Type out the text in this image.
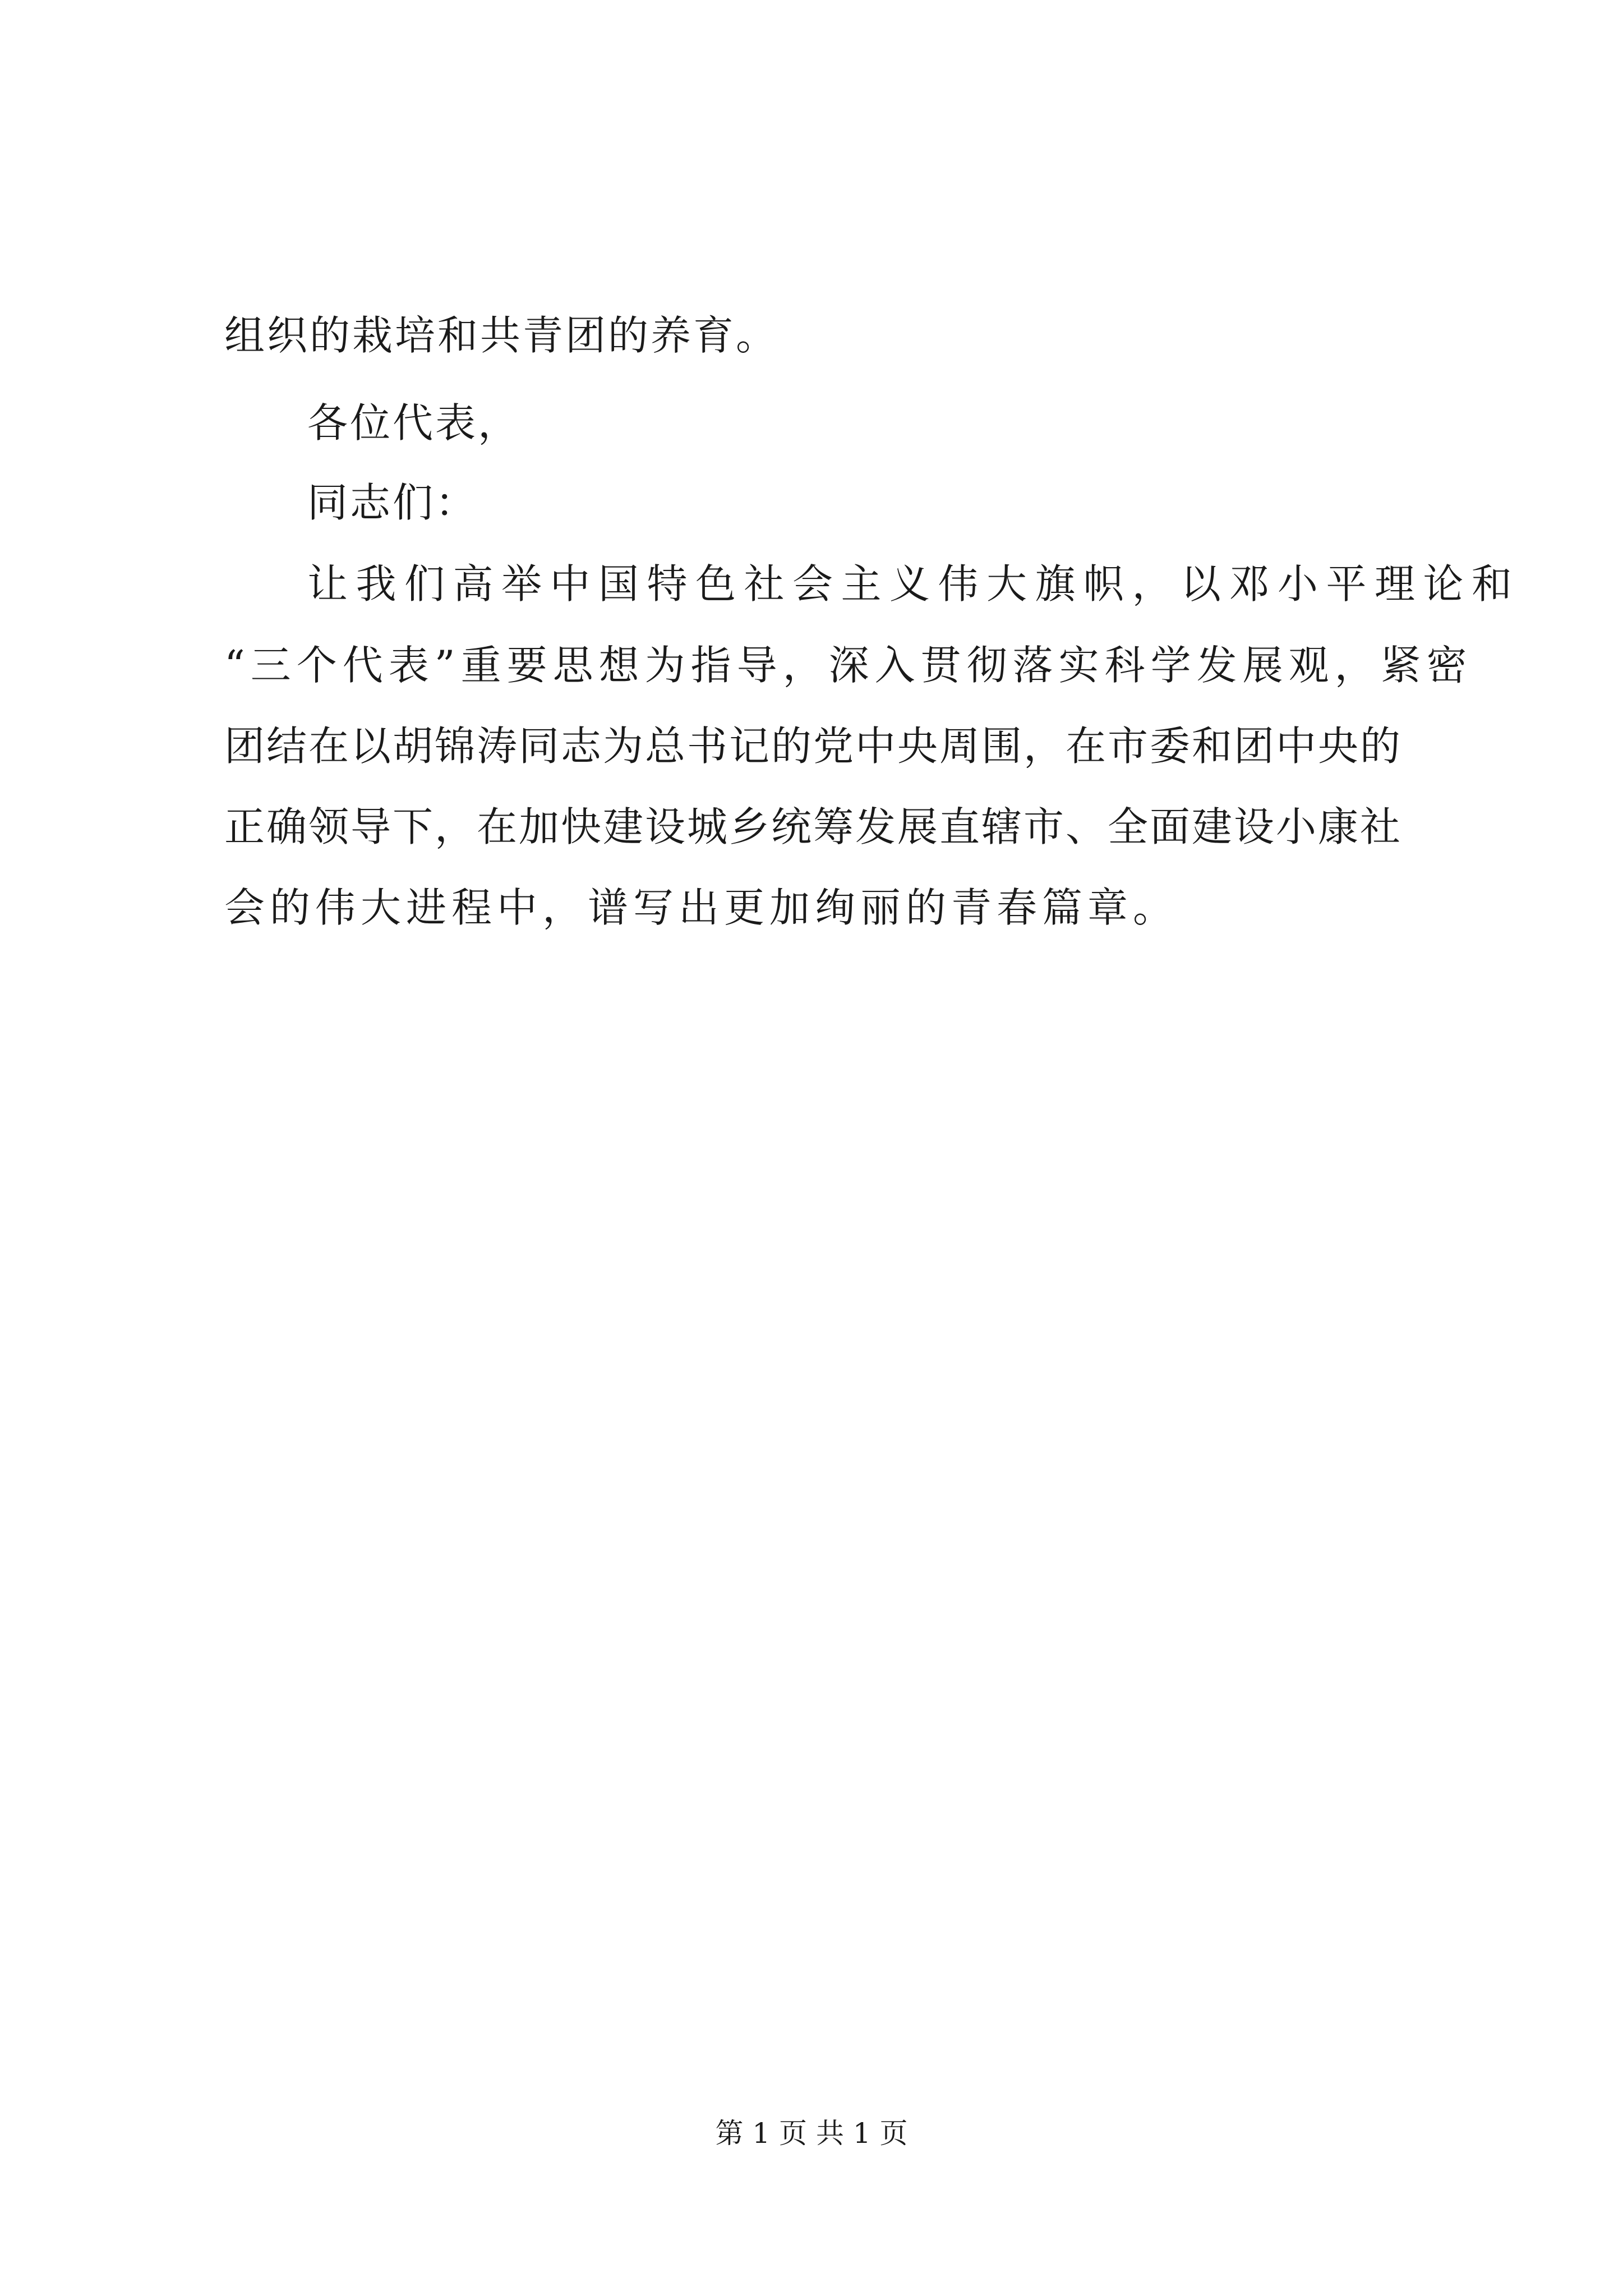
组织的栽培和共青团的养育。
各位代表，
同志们：
让我们高举中国特色社会主义伟大旗帜，以邓小平理论和
“三个代表”重要思想为指导，深入贯彻落实科学发展观，紧密
团结在以胡锦涛同志为总书记的党中央周围，在市委和团中央的
正确领导下，在加快建设城乡统筹发展直辖市、全面建设小康社
会的伟大进程中，谱写出更加绚丽的青春篇章。
第 1 页 共 1 页
